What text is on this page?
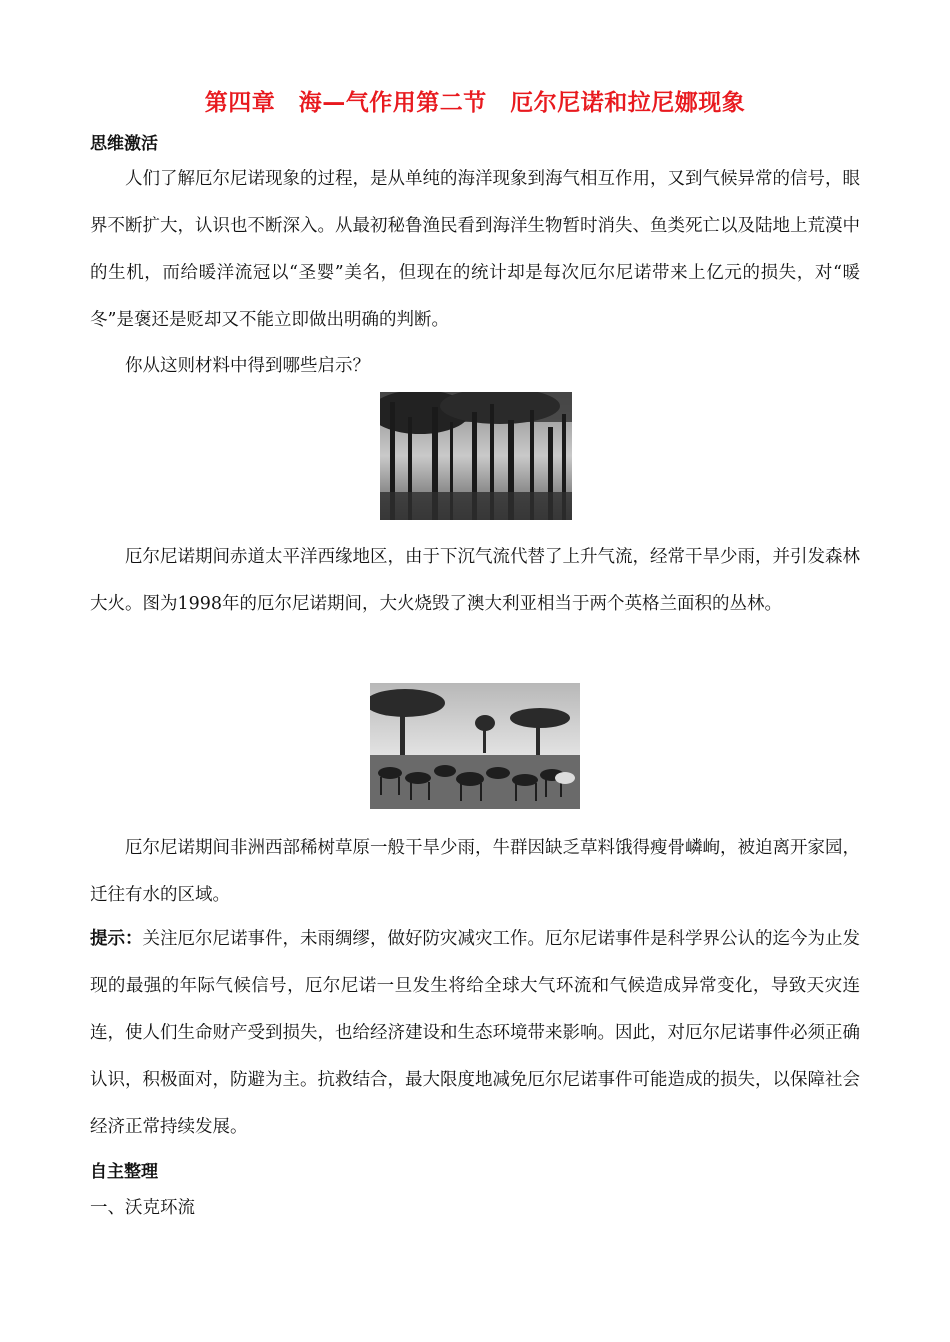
第四章　海—气作用第二节　厄尔尼诺和拉尼娜现象
思维激活
人们了解厄尔尼诺现象的过程，是从单纯的海洋现象到海气相互作用，又到气候异常的信号，眼界不断扩大，认识也不断深入。从最初秘鲁渔民看到海洋生物暂时消失、鱼类死亡以及陆地上荒漠中的生机，而给暖洋流冠以“圣婴”美名，但现在的统计却是每次厄尔尼诺带来上亿元的损失，对“暖冬”是褒还是贬却又不能立即做出明确的判断。
你从这则材料中得到哪些启示？
厄尔尼诺期间赤道太平洋西缘地区，由于下沉气流代替了上升气流，经常干旱少雨，并引发森林大火。图为1998年的厄尔尼诺期间，大火烧毁了澳大利亚相当于两个英格兰面积的丛林。
厄尔尼诺期间非洲西部稀树草原一般干旱少雨，牛群因缺乏草料饿得瘦骨嶙峋，被迫离开家园，迁往有水的区域。
提示：关注厄尔尼诺事件，未雨绸缪，做好防灾减灾工作。厄尔尼诺事件是科学界公认的迄今为止发现的最强的年际气候信号，厄尔尼诺一旦发生将给全球大气环流和气候造成异常变化，导致天灾连连，使人们生命财产受到损失，也给经济建设和生态环境带来影响。因此，对厄尔尼诺事件必须正确认识，积极面对，防避为主。抗救结合，最大限度地减免厄尔尼诺事件可能造成的损失，以保障社会经济正常持续发展。
自主整理
一、沃克环流
